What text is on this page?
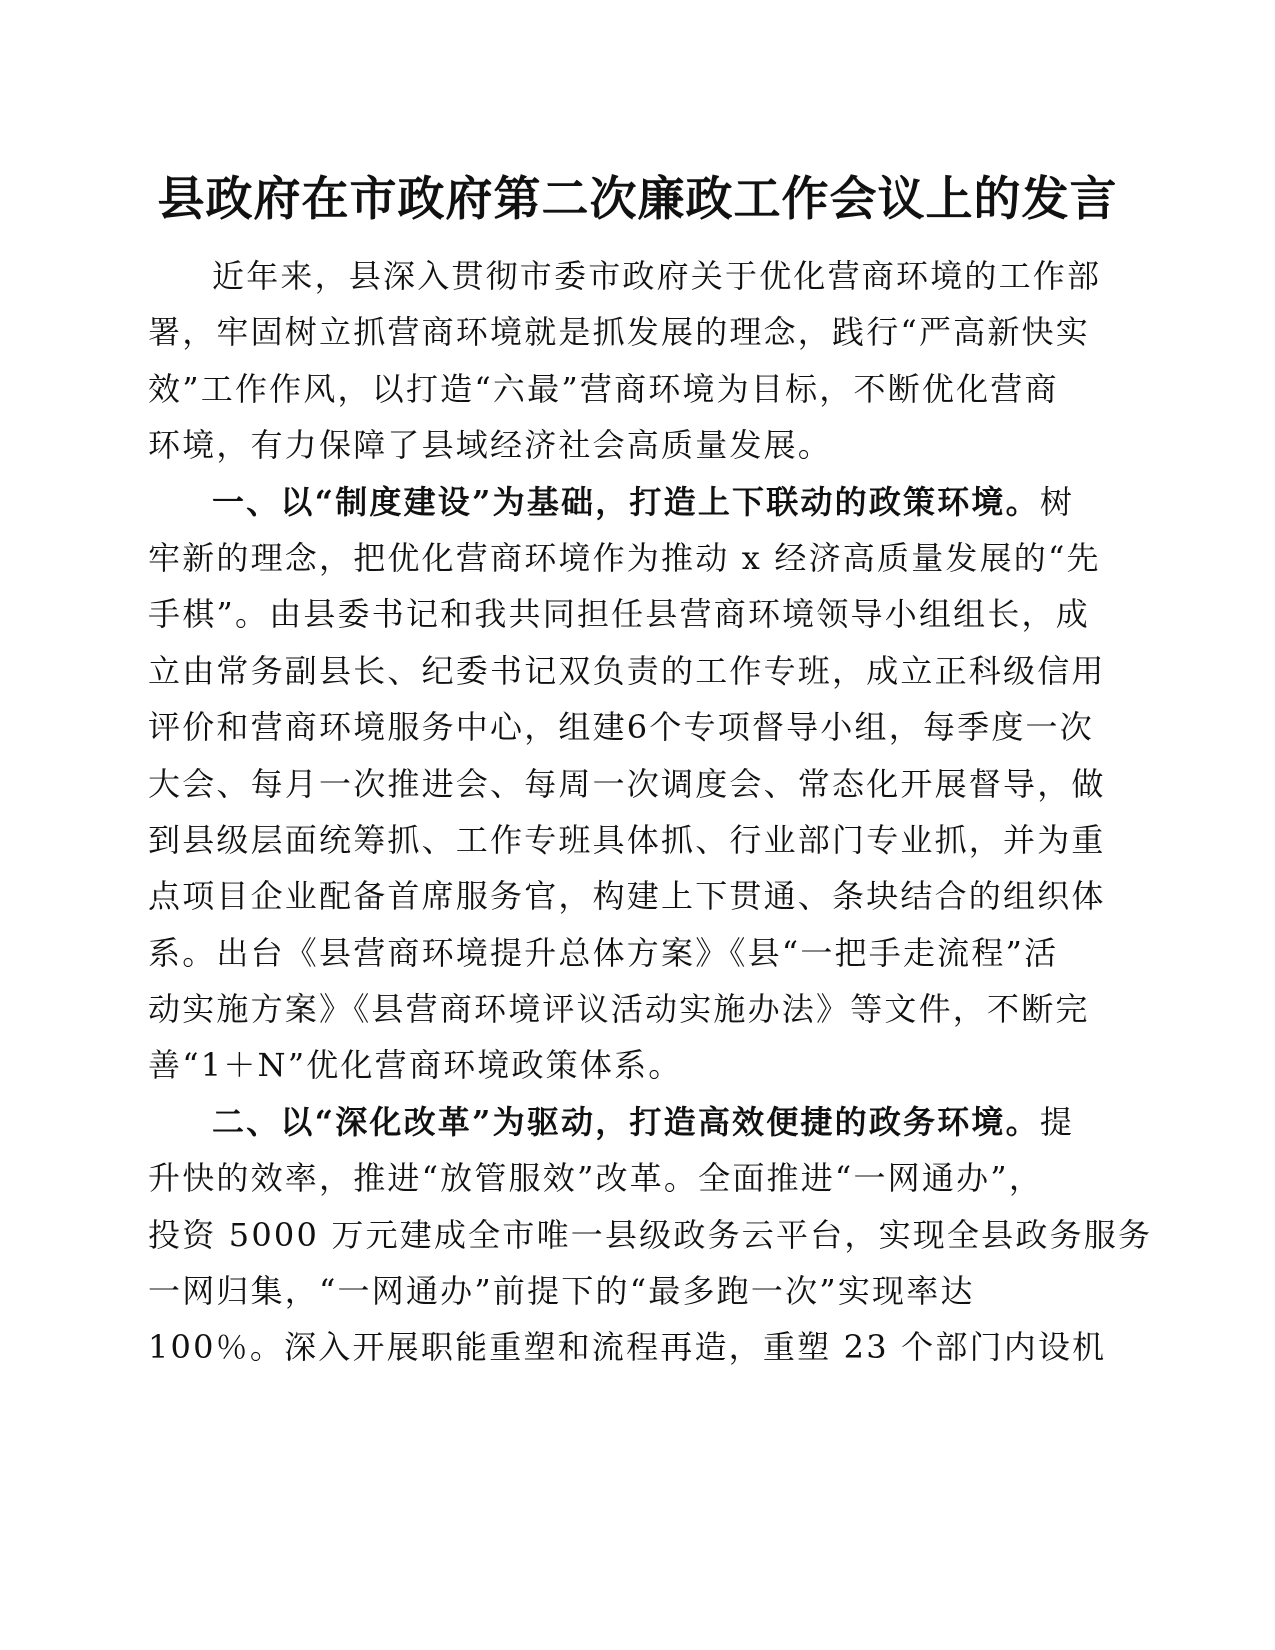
县政府在市政府第二次廉政工作会议上的发言
近年来，县深入贯彻市委市政府关于优化营商环境的工作部
署，牢固树立抓营商环境就是抓发展的理念，践行“严高新快实
效”工作作风，以打造“六最”营商环境为目标，不断优化营商
环境，有力保障了县域经济社会高质量发展。
一、以“制度建设”为基础，打造上下联动的政策环境。树
牢新的理念，把优化营商环境作为推动 x 经济高质量发展的“先
手棋”。由县委书记和我共同担任县营商环境领导小组组长，成
立由常务副县长、纪委书记双负责的工作专班，成立正科级信用
评价和营商环境服务中心，组建6个专项督导小组，每季度一次
大会、每月一次推进会、每周一次调度会、常态化开展督导，做
到县级层面统筹抓、工作专班具体抓、行业部门专业抓，并为重
点项目企业配备首席服务官，构建上下贯通、条块结合的组织体
系。出台《县营商环境提升总体方案》《县“一把手走流程”活
动实施方案》《县营商环境评议活动实施办法》等文件，不断完
善“1＋N”优化营商环境政策体系。
二、以“深化改革”为驱动，打造高效便捷的政务环境。提
升快的效率，推进“放管服效”改革。全面推进“一网通办”，
投资 5000 万元建成全市唯一县级政务云平台，实现全县政务服务
一网归集，“一网通办”前提下的“最多跑一次”实现率达
100％。深入开展职能重塑和流程再造，重塑 23 个部门内设机
